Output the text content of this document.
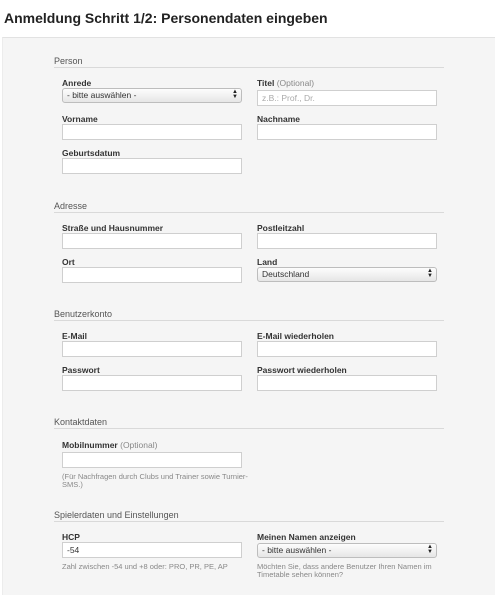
Anmeldung Schritt 1/2: Personendaten eingeben
Person
Anrede
- bitte auswählen -	▲
▼
Titel (Optional)
z.B.: Prof., Dr.
Vorname	Nachname
Geburtsdatum
Adresse
Straße und Hausnummer	Postleitzahl
Ort	Land
Deutschland	▲
▼
Benutzerkonto
E-Mail	E-Mail wiederholen
Passwort	Passwort wiederholen
Kontaktdaten
Mobilnummer (Optional)
(Für Nachfragen durch Clubs und Trainer sowie Turnier-SMS.)
Spielerdaten und Einstellungen
HCP
-54
Zahl zwischen -54 und +8 oder: PRO, PR, PE, AP
Meinen Namen anzeigen
- bitte auswählen -	▲
▼
Möchten Sie, dass andere Benutzer Ihren Namen im Timetable sehen können?
